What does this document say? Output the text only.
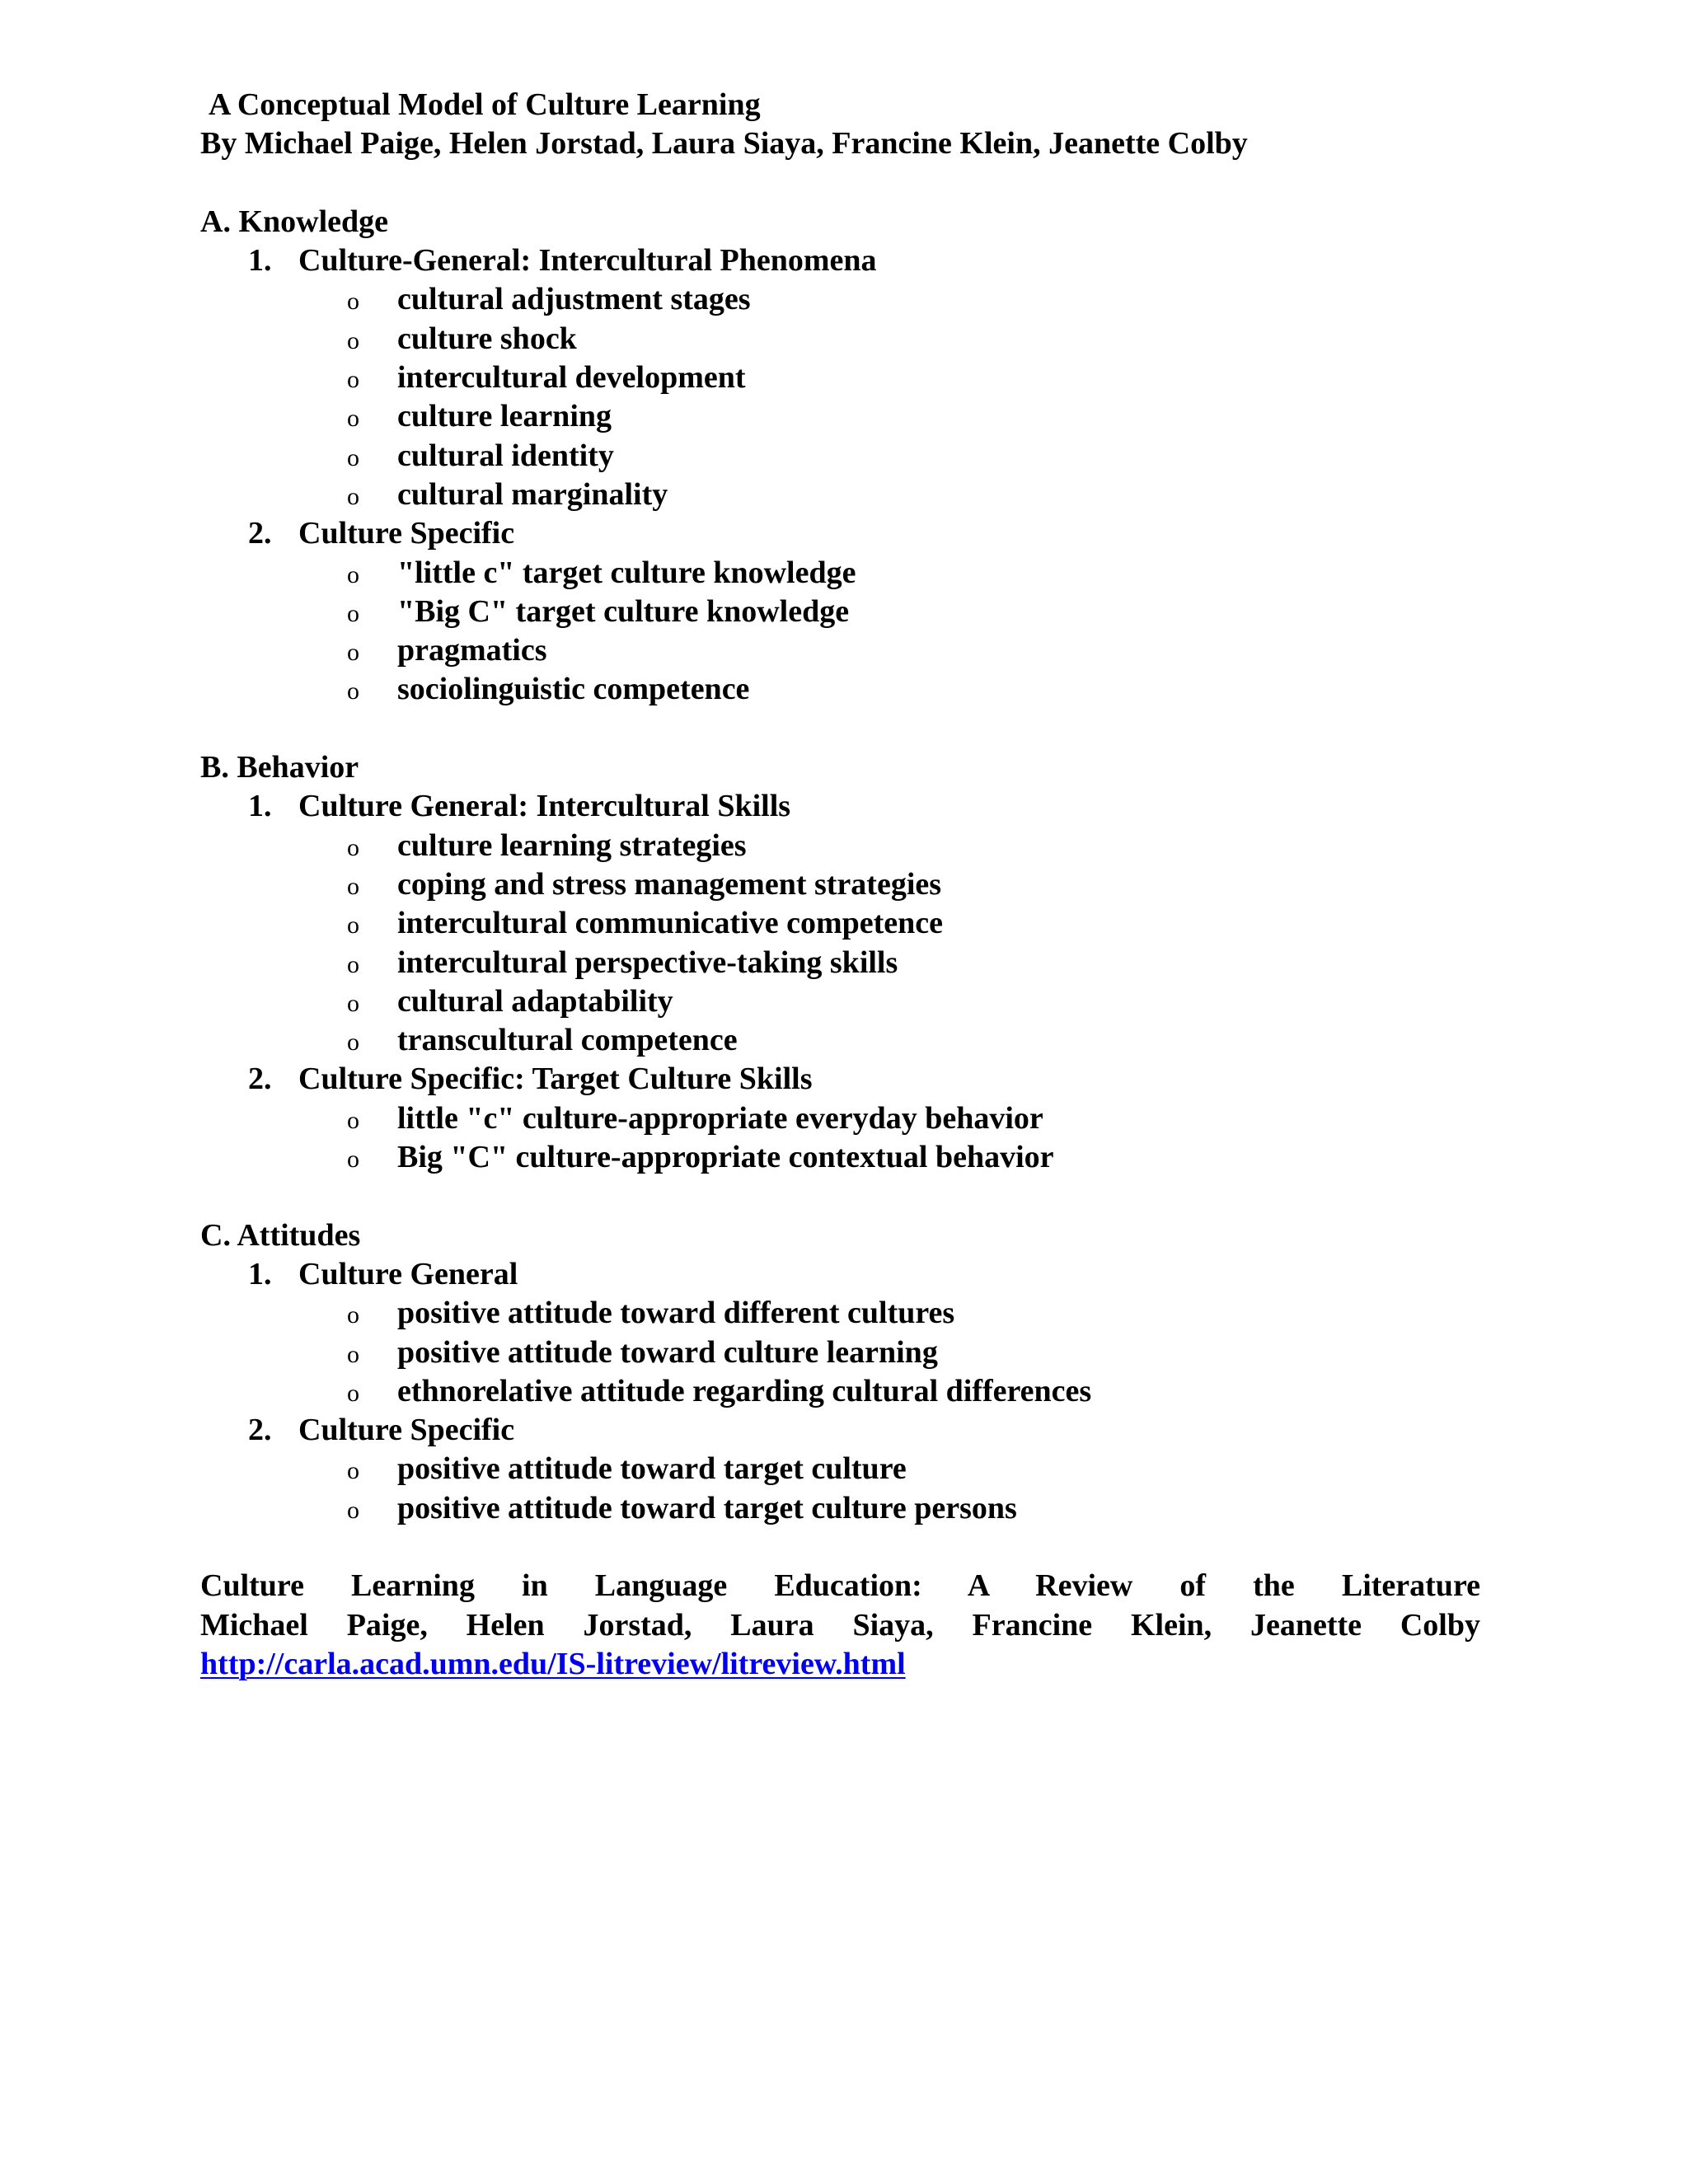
A Conceptual Model of Culture Learning
By Michael Paige, Helen Jorstad, Laura Siaya, Francine Klein, Jeanette Colby
A. Knowledge
1. Culture-General: Intercultural Phenomena
o cultural adjustment stages
o culture shock
o intercultural development
o culture learning
o cultural identity
o cultural marginality
2. Culture Specific
o "little c" target culture knowledge
o "Big C" target culture knowledge
o pragmatics
o sociolinguistic competence
B. Behavior
1. Culture General: Intercultural Skills
o culture learning strategies
o coping and stress management strategies
o intercultural communicative competence
o intercultural perspective-taking skills
o cultural adaptability
o transcultural competence
2. Culture Specific: Target Culture Skills
o little "c" culture-appropriate everyday behavior
o Big "C" culture-appropriate contextual behavior
C. Attitudes
1. Culture General
o positive attitude toward different cultures
o positive attitude toward culture learning
o ethnorelative attitude regarding cultural differences
2. Culture Specific
o positive attitude toward target culture
o positive attitude toward target culture persons
Culture Learning in Language Education: A Review of the Literature
Michael Paige, Helen Jorstad, Laura Siaya, Francine Klein, Jeanette Colby
http://carla.acad.umn.edu/IS-litreview/litreview.html
